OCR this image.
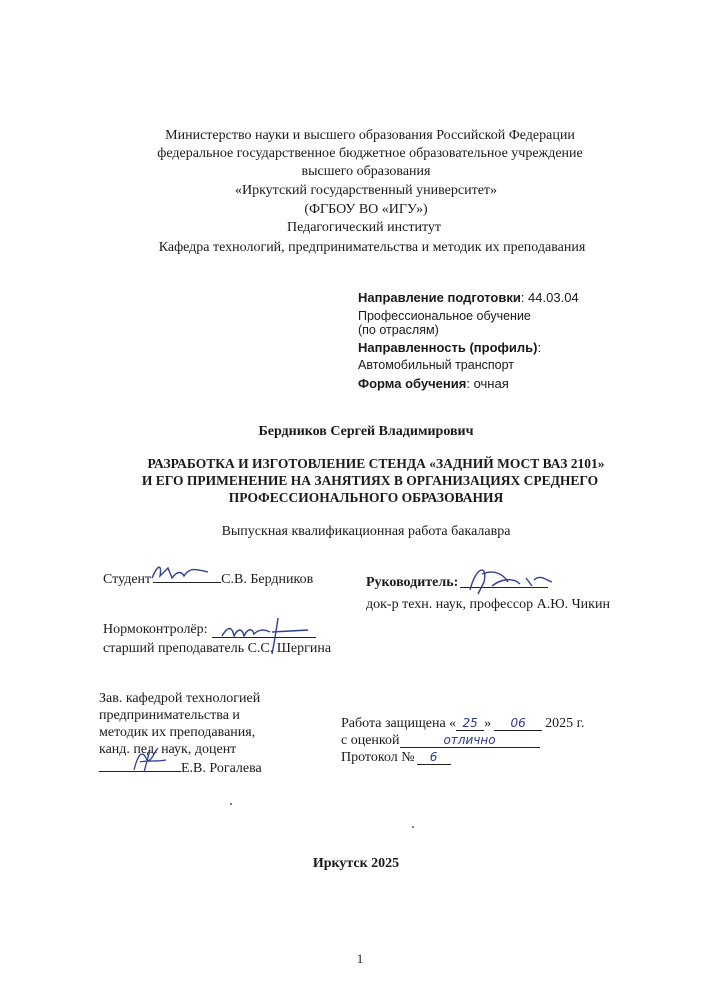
Министерство науки и высшего образования Российской Федерации
федеральное государственное бюджетное образовательное учреждение
высшего образования
«Иркутский государственный университет»
(ФГБОУ ВО «ИГУ»)
Педагогический институт
Кафедра технологий, предпринимательства и методик их преподавания
Направление подготовки: 44.03.04
Профессиональное обучение
(по отраслям)
Направленность (профиль):
Автомобильный транспорт
Форма обучения: очная
Бердников Сергей Владимирович
РАЗРАБОТКА И ИЗГОТОВЛЕНИЕ СТЕНДА «ЗАДНИЙ МОСТ ВАЗ 2101»
И ЕГО ПРИМЕНЕНИЕ НА ЗАНЯТИЯХ В ОРГАНИЗАЦИЯХ СРЕДНЕГО
ПРОФЕССИОНАЛЬНОГО ОБРАЗОВАНИЯ
Выпускная квалификационная работа бакалавра
Студент	С.В. Бердников	Руководитель:
док-р техн. наук, профессор А.Ю. Чикин
Нормоконтролёр:
старший преподаватель С.С. Шергина
Зав. кафедрой технологией
предпринимательства и
методик их преподавания,
канд. пед. наук, доцент
Е.В. Рогалева
Работа защищена « 25 » 06 2025 г.
с оценкой	отлично
Протокол № 6
Иркутск 2025
1
